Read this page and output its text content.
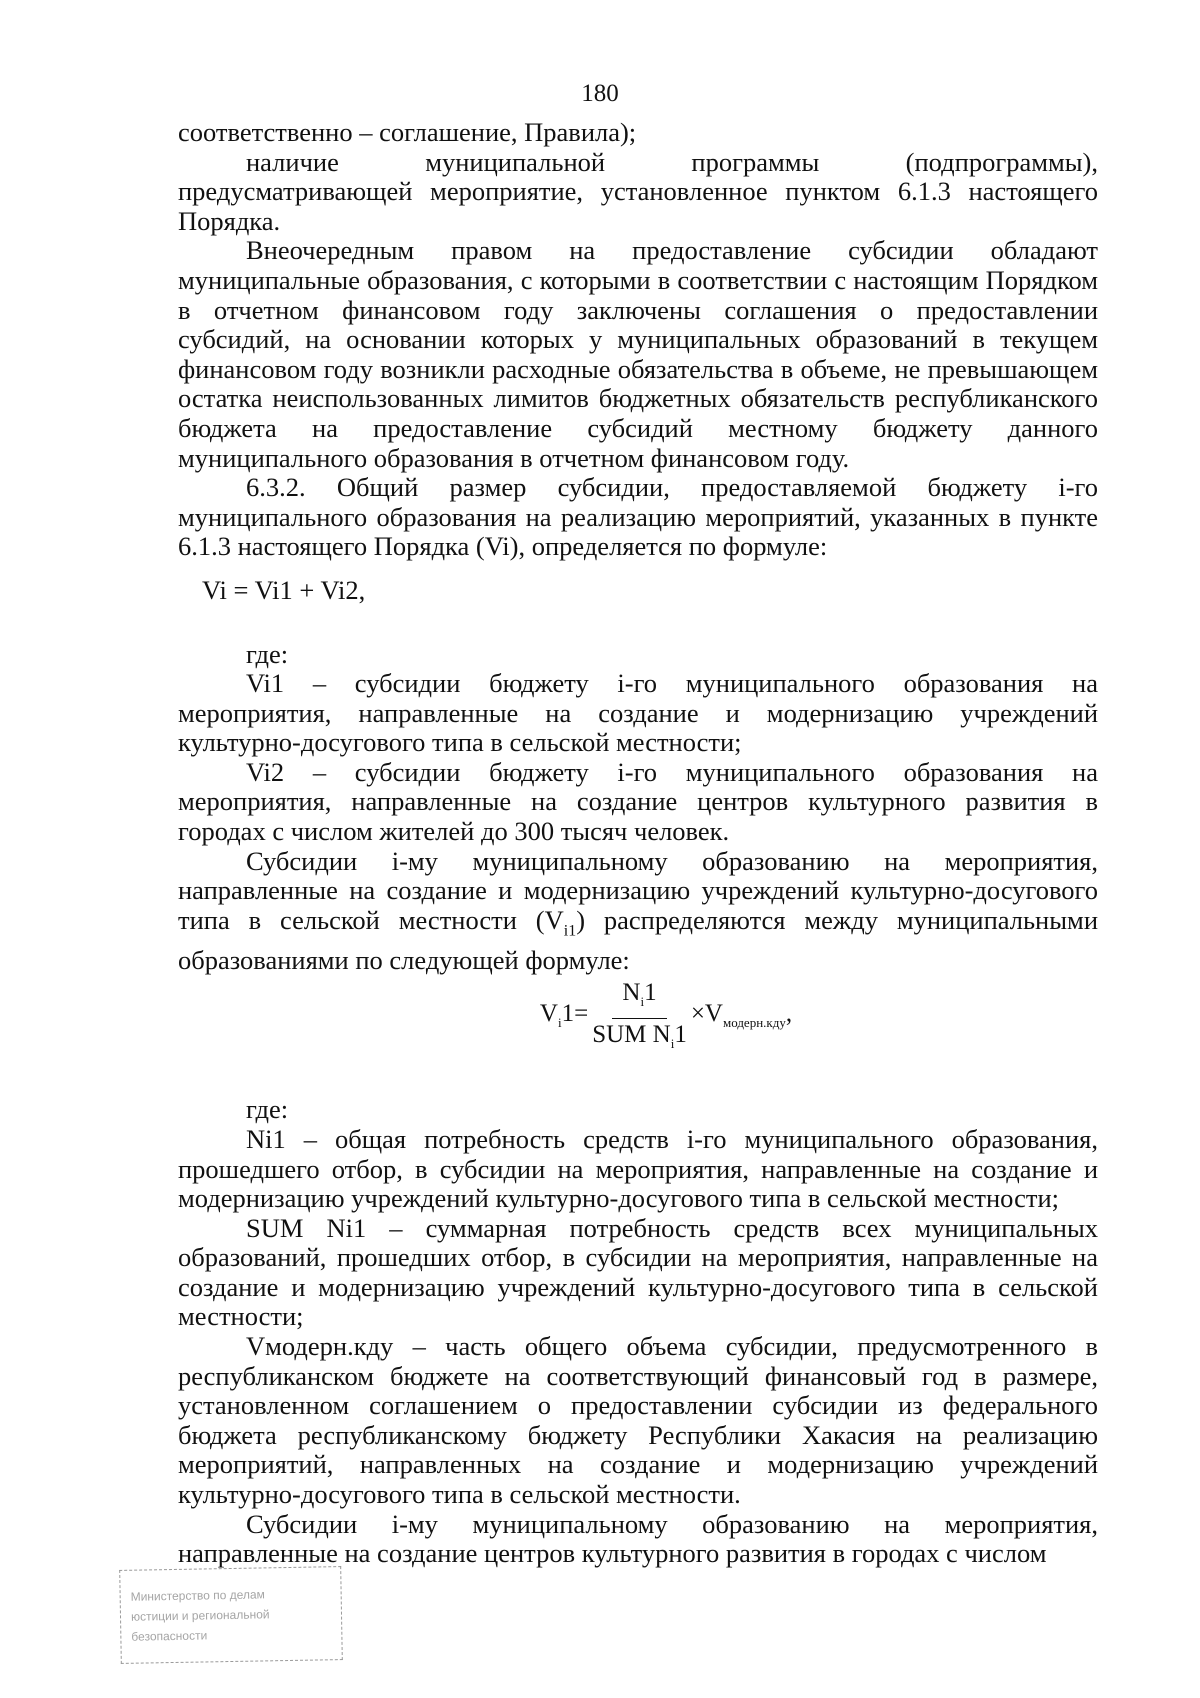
180

соответственно – соглашение, Правила);

наличие муниципальной программы (подпрограммы), предусматривающей мероприятие, установленное пунктом 6.1.3 настоящего Порядка.

Внеочередным правом на предоставление субсидии обладают муниципальные образования, с которыми в соответствии с настоящим Порядком в отчетном финансовом году заключены соглашения о предоставлении субсидий, на основании которых у муниципальных образований в текущем финансовом году возникли расходные обязательства в объеме, не превышающем остатка неиспользованных лимитов бюджетных обязательств республиканского бюджета на предоставление субсидий местному бюджету данного муниципального образования в отчетном финансовом году.

6.3.2. Общий размер субсидии, предоставляемой бюджету i-го муниципального образования на реализацию мероприятий, указанных в пункте 6.1.3 настоящего Порядка (Vi), определяется по формуле:

Vi = Vi1 + Vi2,

где:

Vi1 – субсидии бюджету i-го муниципального образования на мероприятия, направленные на создание и модернизацию учреждений культурно-досугового типа в сельской местности;

Vi2 – субсидии бюджету i-го муниципального образования на мероприятия, направленные на создание центров культурного развития в городах с числом жителей до 300 тысяч человек.

Субсидии i-му муниципальному образованию на мероприятия, направленные на создание и модернизацию учреждений культурно-досугового типа в сельской местности $(V_{i1})$ распределяются между муниципальными образованиями по следующей формуле:

$V_i1= \frac{N_i1}{SUM N_i1} \times V_{модерн.кду}$,

где:

Ni1 – общая потребность средств i-го муниципального образования, прошедшего отбор, в субсидии на мероприятия, направленные на создание и модернизацию учреждений культурно-досугового типа в сельской местности;

SUM Ni1 – суммарная потребность средств всех муниципальных образований, прошедших отбор, в субсидии на мероприятия, направленные на создание и модернизацию учреждений культурно-досугового типа в сельской местности;

Vмодерн.кду – часть общего объема субсидии, предусмотренного в республиканском бюджете на соответствующий финансовый год в размере, установленном соглашением о предоставлении субсидии из федерального бюджета республиканскому бюджету Республики Хакасия на реализацию мероприятий, направленных на создание и модернизацию учреждений культурно-досугового типа в сельской местности.

Субсидии i-му муниципальному образованию на мероприятия, направленные на создание центров культурного развития в городах с числом

Министерство по делам
юстиции и региональной
безопасности
